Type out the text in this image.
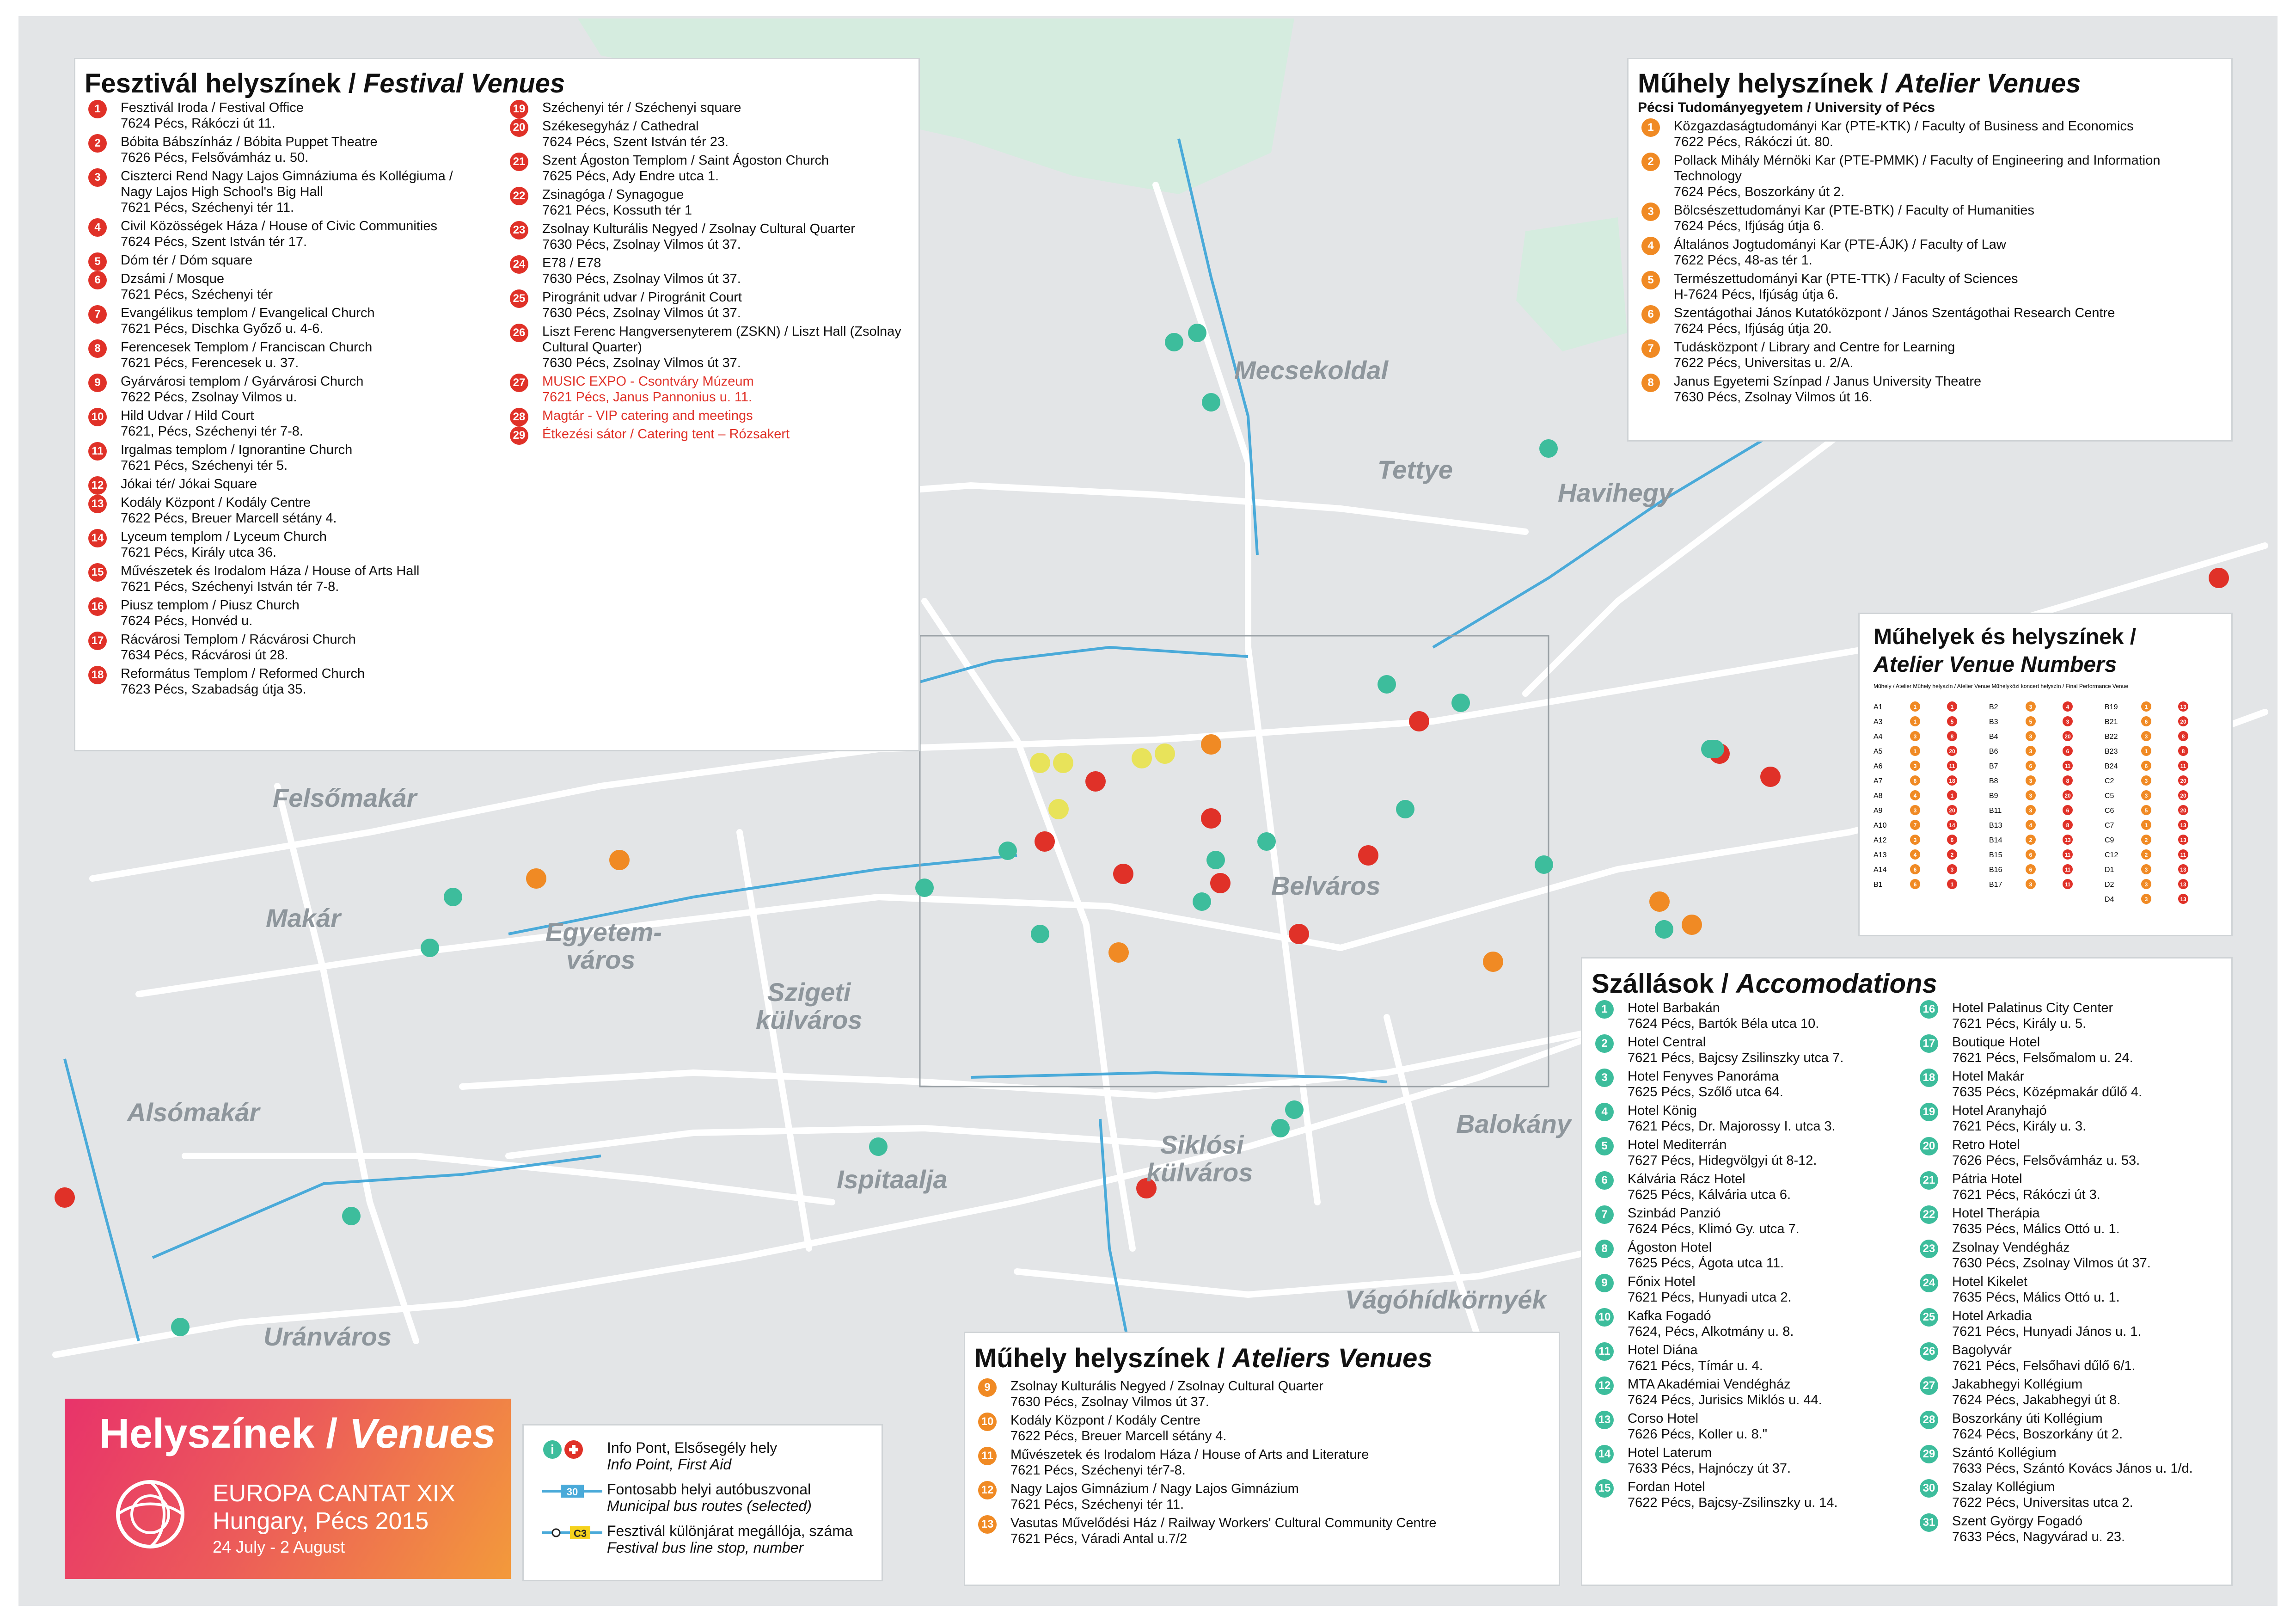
Mecsekoldal
Tettye
Havihegy
Felsőmakár
Makár	Egyetem-
város
Szigeti
külváros
Belváros
Alsómakár
Ispitaalja
Siklósi
külváros
Balokány
Vágóhídkörnyék
Uránváros
Fesztivál helyszínek / Festival Venues
1	Fesztivál Iroda / Festival Office
7624 Pécs, Rákóczi út 11.
2	Bóbita Bábszínház / Bóbita Puppet Theatre
7626 Pécs, Felsővámház u. 50.
3	Ciszterci Rend Nagy Lajos Gimnáziuma és Kollégiuma / Nagy Lajos High School's Big Hall
7621 Pécs, Széchenyi tér 11.
4	Civil Közösségek Háza / House of Civic Communities
7624 Pécs, Szent István tér 17.
5	Dóm tér / Dóm square
6	Dzsámi / Mosque
7621 Pécs, Széchenyi tér
7	Evangélikus templom / Evangelical Church
7621 Pécs, Dischka Győző u. 4-6.
8	Ferencesek Templom / Franciscan Church
7621 Pécs, Ferencesek u. 37.
9	Gyárvárosi templom / Gyárvárosi Church
7622 Pécs, Zsolnay Vilmos u.
10 Hild Udvar / Hild Court
7621, Pécs, Széchenyi tér 7-8.
11 Irgalmas templom / Ignorantine Church
7621 Pécs, Széchenyi tér 5.
12 Jókai tér/ Jókai Square
13 Kodály Központ / Kodály Centre
7622 Pécs, Breuer Marcell sétány 4.
14 Lyceum templom / Lyceum Church
7621 Pécs, Király utca 36.
15 Művészetek és Irodalom Háza / House of Arts Hall
7621 Pécs, Széchenyi István tér 7-8.
16 Piusz templom / Piusz Church
7624 Pécs, Honvéd u.
17 Rácvárosi Templom / Rácvárosi Church
7634 Pécs, Rácvárosi út 28.
18 Református Templom / Reformed Church
7623 Pécs, Szabadság útja 35.
19 Széchenyi tér / Széchenyi square
20 Székesegyház / Cathedral
7624 Pécs, Szent István tér 23.
21 Szent Ágoston Templom / Saint Ágoston Church
7625 Pécs, Ady Endre utca 1.
22 Zsinagóga / Synagogue
7621 Pécs, Kossuth tér 1
23 Zsolnay Kulturális Negyed / Zsolnay Cultural Quarter
7630 Pécs, Zsolnay Vilmos út 37.
24 E78 / E78
7630 Pécs, Zsolnay Vilmos út 37.
25 Pirogránit udvar / Pirogránit Court
7630 Pécs, Zsolnay Vilmos út 37.
26 Liszt Ferenc Hangversenyterem (ZSKN) / Liszt Hall (Zsolnay Cultural Quarter)
7630 Pécs, Zsolnay Vilmos út 37.
27 MUSIC EXPO - Csontváry Múzeum
7621 Pécs, Janus Pannonius u. 11.
28 Magtár - VIP catering and meetings
29 Étkezési sátor / Catering tent – Rózsakert
Műhely helyszínek / Atelier Venues
Pécsi Tudományegyetem / University of Pécs
1	Közgazdaságtudományi Kar (PTE-KTK) / Faculty of Business and Economics
7622 Pécs, Rákóczi út. 80.
2	Pollack Mihály Mérnöki Kar (PTE-PMMK) / Faculty of Engineering and Information Technology
7624 Pécs, Boszorkány út 2.
3	Bölcsészettudományi Kar (PTE-BTK) / Faculty of Humanities
7624 Pécs, Ifjúság útja 6.
4	Általános Jogtudományi Kar (PTE-ÁJK) / Faculty of Law
7622 Pécs, 48-as tér 1.
5	Természettudományi Kar (PTE-TTK) / Faculty of Sciences
H-7624 Pécs, Ifjúság útja 6.
6	Szentágothai János Kutatóközpont / János Szentágothai Research Centre
7624 Pécs, Ifjúság útja 20.
7	Tudásközpont / Library and Centre for Learning
7622 Pécs, Universitas u. 2/A.
8	Janus Egyetemi Színpad / Janus University Theatre
7630 Pécs, Zsolnay Vilmos út 16.
Műhelyek és helyszínek /
Atelier Venue Numbers
Műhely / Atelier Műhely helyszín / Atelier Venue Műhelyközi koncert helyszín / Final Performance Venue
A1	1	1
A3	1	5
A4	3	8
A5	1	20
A6	3	11
A7	6	18
A8	4	1
A9	3	20
A10	7	14
A12	3	6
A13	4	2
A14	6	3
B1	6	1
B2	3	4
B3	5	3
B4	3	20
B6	3	6
B7	6	11
B8	3	8
B9	3	20
B11	3	6
B13	4	8
B14	2	13
B15	6	11
B16	6	11
B17	3	11
B19	1	13
B21	6	20
B22	3	8
B23	1	8
B24	6	11
C2	3	20
C5	3	20
C6	5	20
C7	1	13
C9	2	13
C12	2	11
D1	3	13
D2	3	13
D4	3	13
Szállások / Accomodations
1	Hotel Barbakán
7624 Pécs, Bartók Béla utca 10.
2	Hotel Central
7621 Pécs, Bajcsy Zsilinszky utca 7.
3	Hotel Fenyves Panoráma
7625 Pécs, Szőlő utca 64.
4	Hotel König
7621 Pécs, Dr. Majorossy I. utca 3.
5	Hotel Mediterrán
7627 Pécs, Hidegvölgyi út 8-12.
6	Kálvária Rácz Hotel
7625 Pécs, Kálvária utca 6.
7	Szinbád Panzió
7624 Pécs, Klimó Gy. utca 7.
8	Ágoston Hotel
7625 Pécs, Ágota utca 11.
9	Főnix Hotel
7621 Pécs, Hunyadi utca 2.
10 Kafka Fogadó
7624, Pécs, Alkotmány u. 8.
11 Hotel Diána
7621 Pécs, Tímár u. 4.
12 MTA Akadémiai Vendégház
7624 Pécs, Jurisics Miklós u. 44.
13 Corso Hotel
7626 Pécs, Koller u. 8."
14 Hotel Laterum
7633 Pécs, Hajnóczy út 37.
15 Fordan Hotel
7622 Pécs, Bajcsy-Zsilinszky u. 14.
16 Hotel Palatinus City Center
7621 Pécs, Király u. 5.
17 Boutique Hotel
7621 Pécs, Felsőmalom u. 24.
18 Hotel Makár
7635 Pécs, Középmakár dűlő 4.
19 Hotel Aranyhajó
7621 Pécs, Király u. 3.
20 Retro Hotel
7626 Pécs, Felsővámház u. 53.
21 Pátria Hotel
7621 Pécs, Rákóczi út 3.
22 Hotel Therápia
7635 Pécs, Málics Ottó u. 1.
23 Zsolnay Vendégház
7630 Pécs, Zsolnay Vilmos út 37.
24 Hotel Kikelet
7635 Pécs, Málics Ottó u. 1.
25 Hotel Arkadia
7621 Pécs, Hunyadi János u. 1.
26 Bagolyvár
7621 Pécs, Felsőhavi dűlő 6/1.
27 Jakabhegyi Kollégium
7624 Pécs, Jakabhegyi út 8.
28 Boszorkány úti Kollégium
7624 Pécs, Boszorkány út 2.
29 Szántó Kollégium
7633 Pécs, Szántó Kovács János u. 1/d.
30 Szalay Kollégium
7622 Pécs, Universitas utca 2.
31 Szent György Fogadó
7633 Pécs, Nagyvárad u. 23.
Műhely helyszínek / Ateliers Venues
9	Zsolnay Kulturális Negyed / Zsolnay Cultural Quarter
7630 Pécs, Zsolnay Vilmos út 37.
10 Kodály Központ / Kodály Centre
7622 Pécs, Breuer Marcell sétány 4.
11 Művészetek és Irodalom Háza / House of Arts and Literature
7621 Pécs, Széchenyi tér7-8.
12 Nagy Lajos Gimnázium / Nagy Lajos Gimnázium
7621 Pécs, Széchenyi tér 11.
13 Vasutas Művelődési Ház / Railway Workers' Cultural Community Centre
7621 Pécs, Váradi Antal u.7/2
i	Info Pont, Elsősegély hely
Info Point, First Aid
30 Fontosabb helyi autóbuszvonal
Municipal bus routes (selected)
C3 Fesztivál különjárat megállója, száma
Festival bus line stop, number
Helyszínek / Venues
EUROPA CANTAT XIX
Hungary, Pécs 2015
24 July - 2 August
